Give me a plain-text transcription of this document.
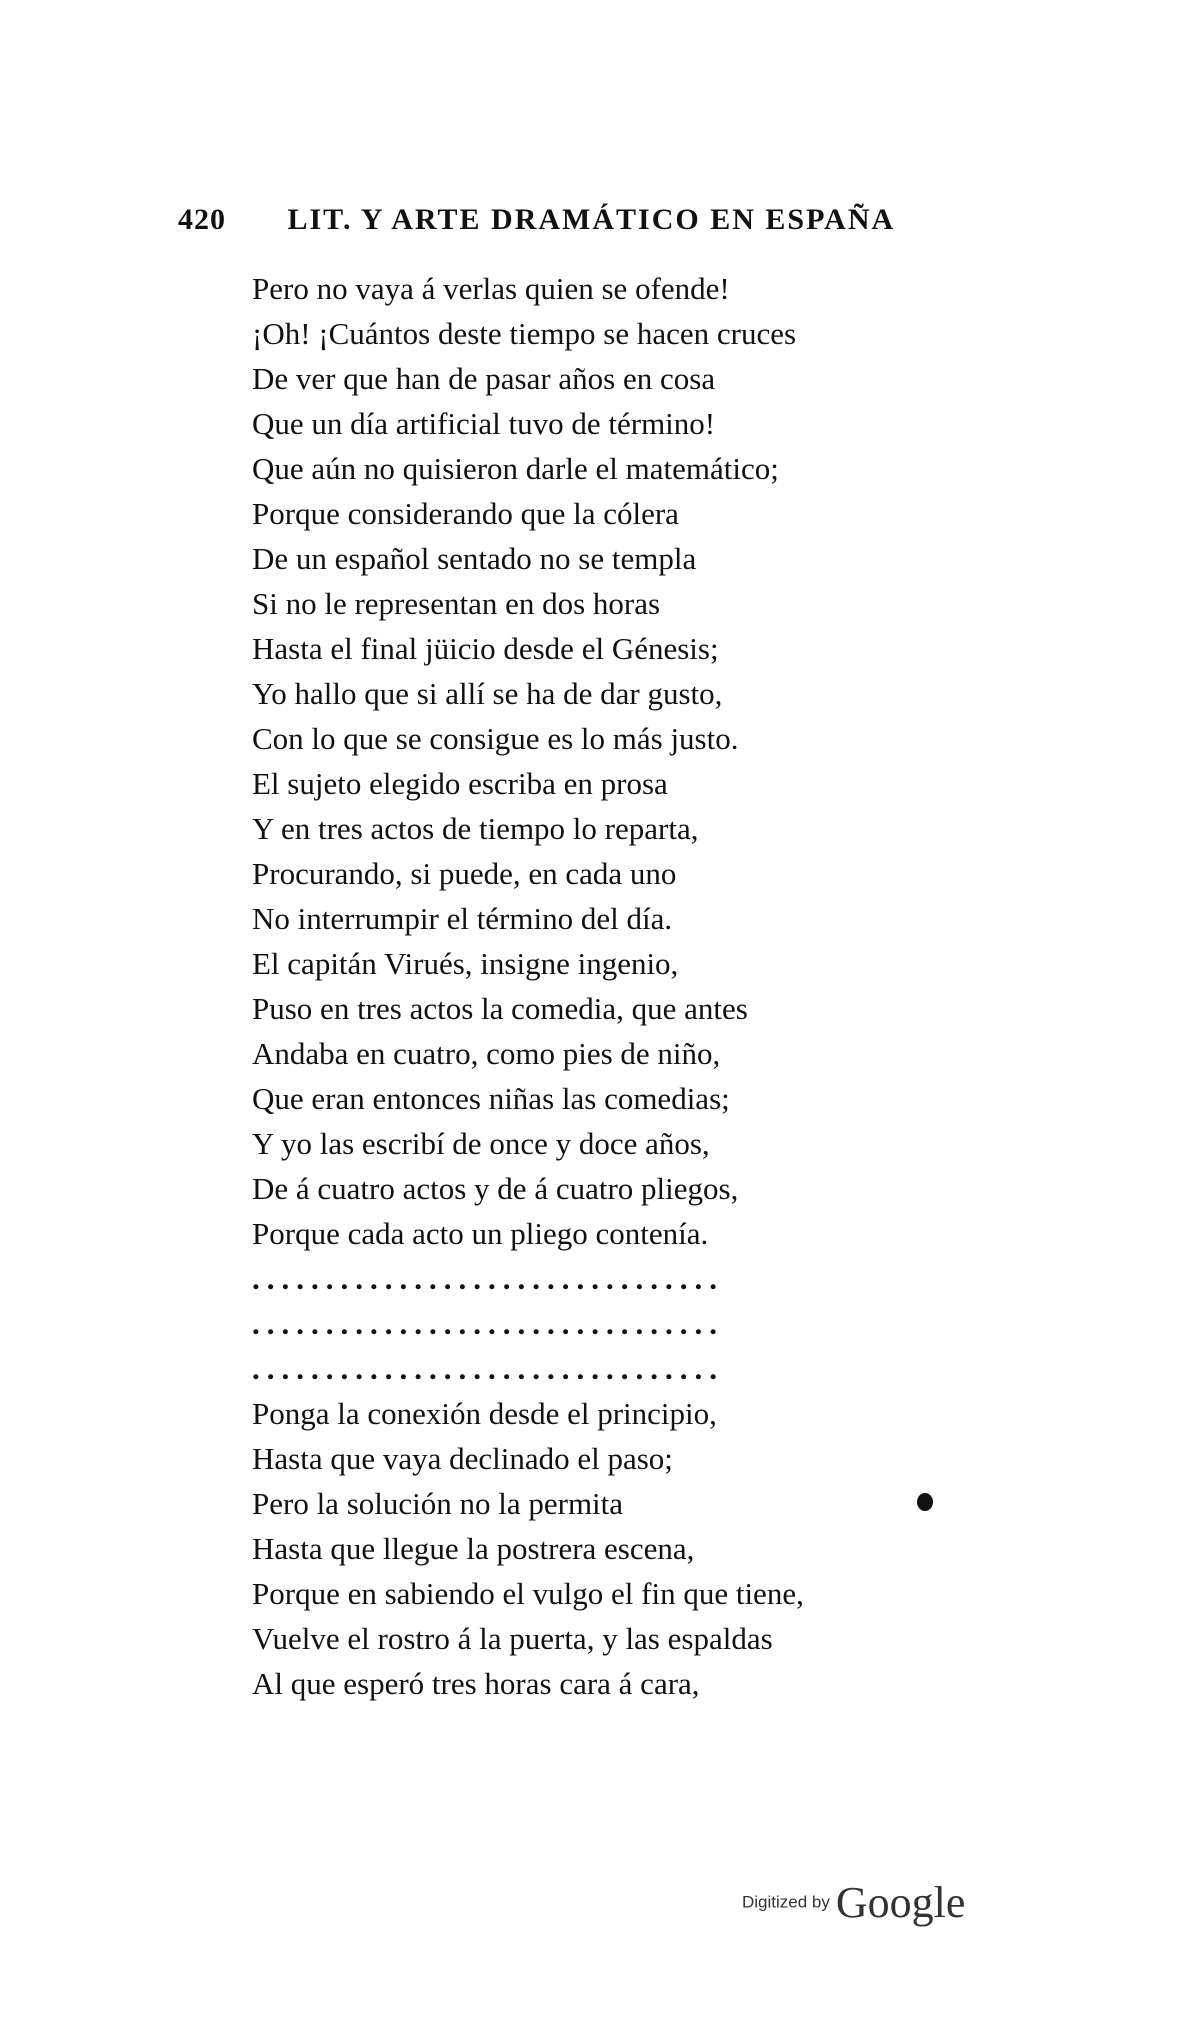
420 LIT. Y ARTE DRAMÁTICO EN ESPAÑA
Pero no vaya á verlas quien se ofende!
¡Oh! ¡Cuántos deste tiempo se hacen cruces
De ver que han de pasar años en cosa
Que un día artificial tuvo de término!
Que aún no quisieron darle el matemático;
Porque considerando que la cólera
De un español sentado no se templa
Si no le representan en dos horas
Hasta el final jüicio desde el Génesis;
Yo hallo que si allí se ha de dar gusto,
Con lo que se consigue es lo más justo.
El sujeto elegido escriba en prosa
Y en tres actos de tiempo lo reparta,
Procurando, si puede, en cada uno
No interrumpir el término del día.
El capitán Virués, insigne ingenio,
Puso en tres actos la comedia, que antes
Andaba en cuatro, como pies de niño,
Que eran entonces niñas las comedias;
Y yo las escribí de once y doce años,
De á cuatro actos y de á cuatro pliegos,
Porque cada acto un pliego contenía.
................................
................................
................................
Ponga la conexión desde el principio,
Hasta que vaya declinado el paso;
Pero la solución no la permita
Hasta que llegue la postrera escena,
Porque en sabiendo el vulgo el fin que tiene,
Vuelve el rostro á la puerta, y las espaldas
Al que esperó tres horas cara á cara,
Digitized by Google
